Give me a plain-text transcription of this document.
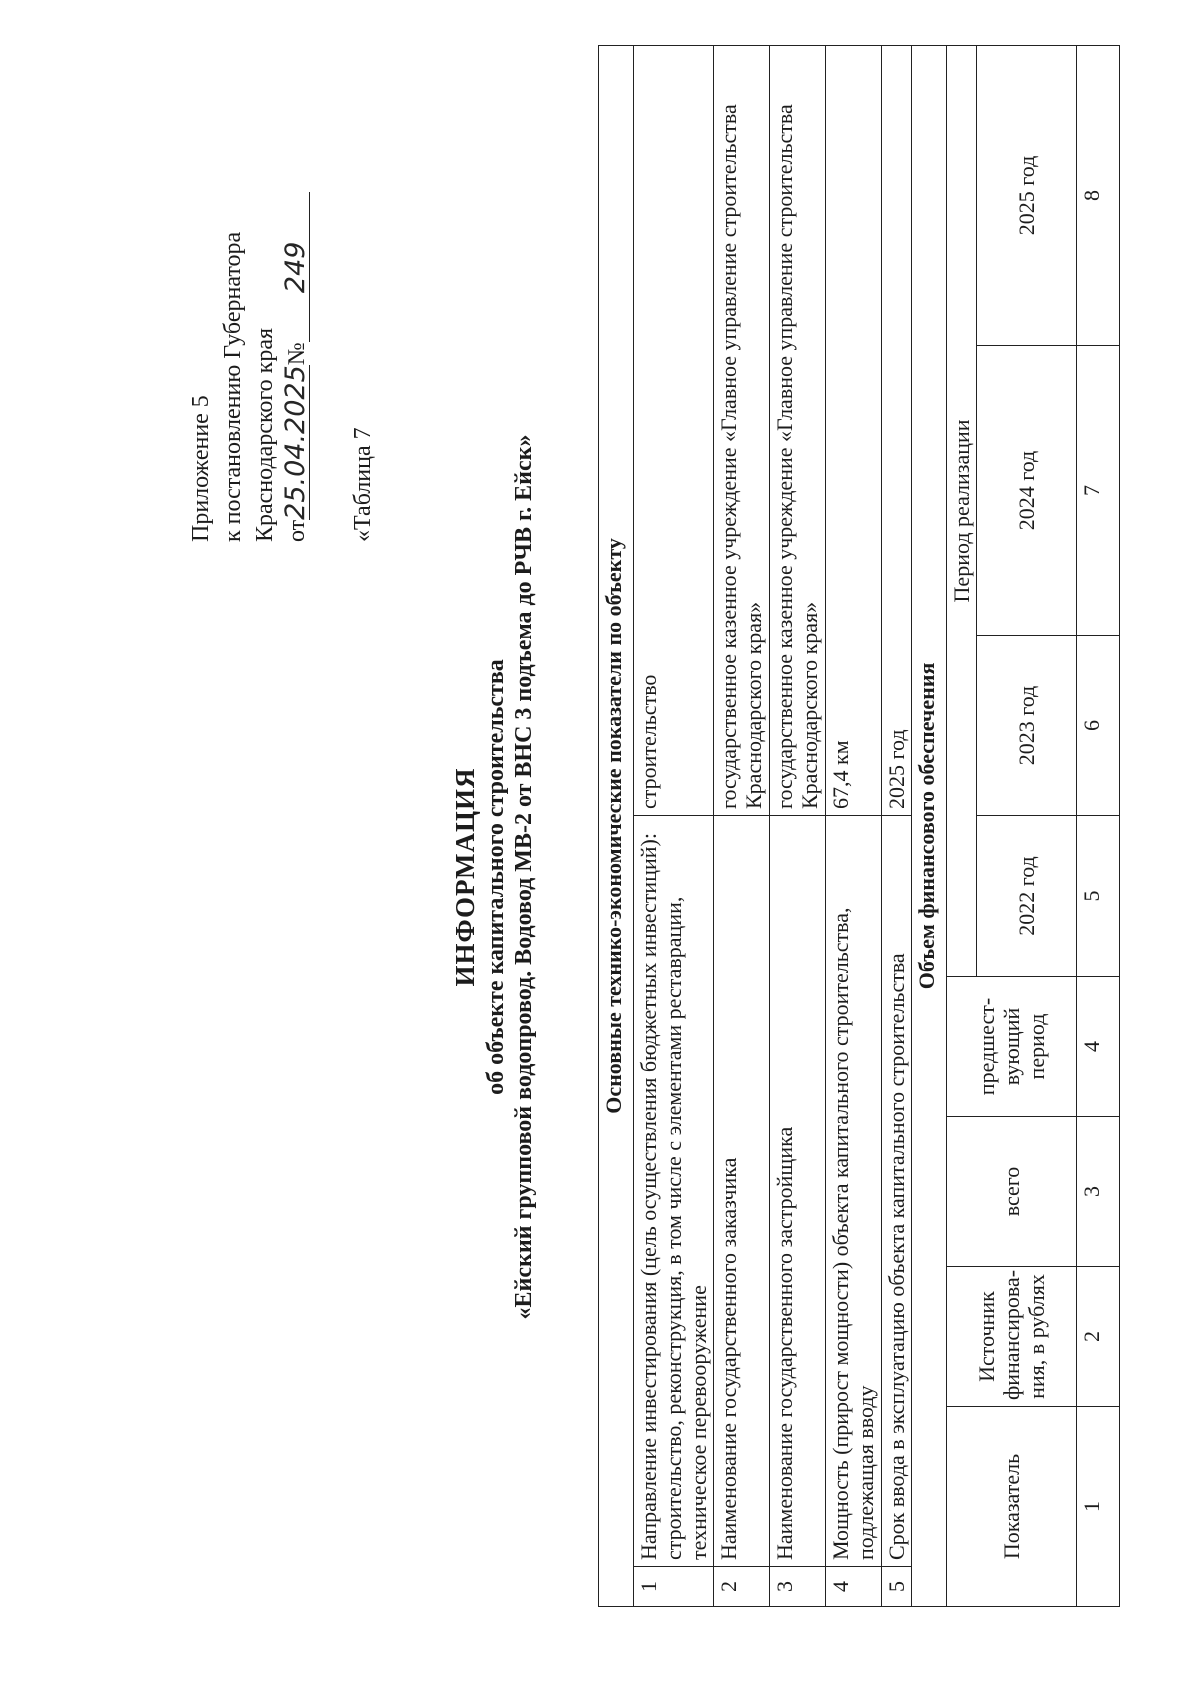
Приложение 5 к постановлению Губернатора Краснодарского края от25.04.2025№249
«Таблица 7
ИНФОРМАЦИЯ об объекте капитального строительства «Ейский групповой водопровод. Водовод МВ-2 от ВНС 3 подъема до РЧВ г. Ейск»	Основные технико-экономические показатели по объекту								
1	Направление инвестирования (цель осуществления бюджетных инвестиций): строительство, реконструкция, в том числе с элементами реставрации, техническое перевооружение					строительство		
2	Наименование государственного заказчика					государственное казенное учреждение «Главное управление строительства Краснодарского края»		
3	Наименование государственного застройщика					государственное казенное учреждение «Главное управление строительства Краснодарского края»		
4	Мощность (прирост мощности) объекта капитального строительства, подлежащая вводу					67,4 км		
5	Срок ввода в эксплуатацию объекта капитального строительства					2025 год		
Объем финансового обеспечения								
Показатель		Источник финансирова-ния, в рублях	всего	предшест-вующий период	Период реализации			
					2022 год	2023 год	2024 год	2025 год
1		2	3	4	5	6	7	8
